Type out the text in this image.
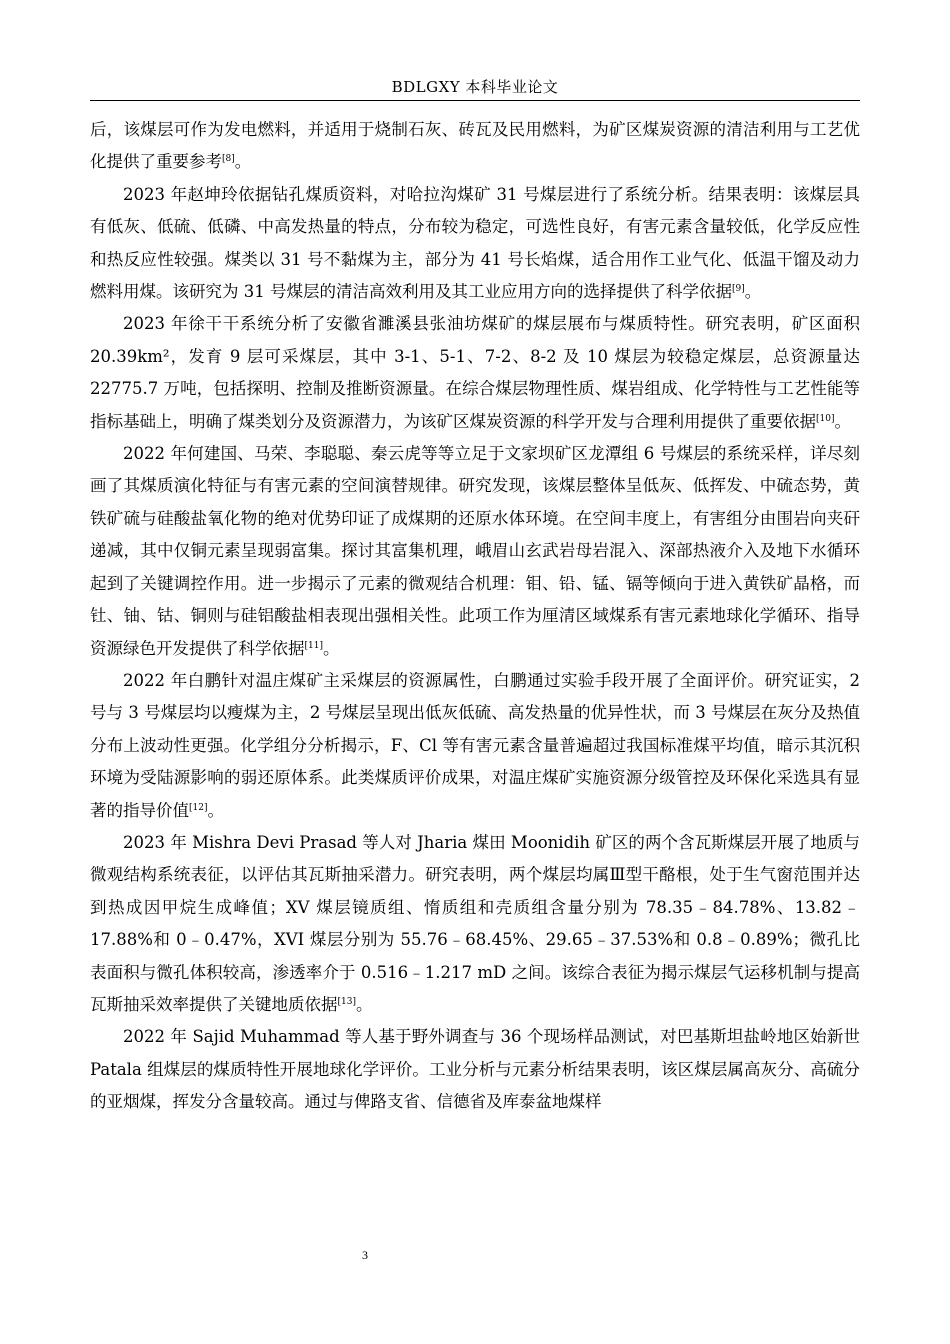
BDLGXY 本科毕业论文

后，该煤层可作为发电燃料，并适用于烧制石灰、砖瓦及民用燃料，为矿区煤炭资源的清洁利用与工艺优化提供了重要参考[8]。

2023 年赵坤玲依据钻孔煤质资料，对哈拉沟煤矿 31 号煤层进行了系统分析。结果表明：该煤层具有低灰、低硫、低磷、中高发热量的特点，分布较为稳定，可选性良好，有害元素含量较低，化学反应性和热反应性较强。煤类以 31 号不黏煤为主，部分为 41 号长焰煤，适合用作工业气化、低温干馏及动力燃料用煤。该研究为 31 号煤层的清洁高效利用及其工业应用方向的选择提供了科学依据[9]。

2023 年徐干干系统分析了安徽省濉溪县张油坊煤矿的煤层展布与煤质特性。研究表明，矿区面积 20.39km²，发育 9 层可采煤层，其中 3-1、5-1、7-2、8-2 及 10 煤层为较稳定煤层，总资源量达 22775.7 万吨，包括探明、控制及推断资源量。在综合煤层物理性质、煤岩组成、化学特性与工艺性能等指标基础上，明确了煤类划分及资源潜力，为该矿区煤炭资源的科学开发与合理利用提供了重要依据[10]。

2022 年何建国、马荣、李聪聪、秦云虎等等立足于文家坝矿区龙潭组 6 号煤层的系统采样，详尽刻画了其煤质演化特征与有害元素的空间演替规律。研究发现，该煤层整体呈低灰、低挥发、中硫态势，黄铁矿硫与硅酸盐氧化物的绝对优势印证了成煤期的还原水体环境。在空间丰度上，有害组分由围岩向夹矸递减，其中仅铜元素呈现弱富集。探讨其富集机理，峨眉山玄武岩母岩混入、深部热液介入及地下水循环起到了关键调控作用。进一步揭示了元素的微观结合机理：钼、铅、锰、镉等倾向于进入黄铁矿晶格，而钍、铀、钴、铜则与硅铝酸盐相表现出强相关性。此项工作为厘清区域煤系有害元素地球化学循环、指导资源绿色开发提供了科学依据[11]。

2022 年白鹏针对温庄煤矿主采煤层的资源属性，白鹏通过实验手段开展了全面评价。研究证实，2 号与 3 号煤层均以瘦煤为主，2 号煤层呈现出低灰低硫、高发热量的优异性状，而 3 号煤层在灰分及热值分布上波动性更强。化学组分分析揭示，F、Cl 等有害元素含量普遍超过我国标准煤平均值，暗示其沉积环境为受陆源影响的弱还原体系。此类煤质评价成果，对温庄煤矿实施资源分级管控及环保化采选具有显著的指导价值[12]。

2023 年 Mishra Devi Prasad 等人对 Jharia 煤田 Moonidih 矿区的两个含瓦斯煤层开展了地质与微观结构系统表征，以评估其瓦斯抽采潜力。研究表明，两个煤层均属Ⅲ型干酪根，处于生气窗范围并达到热成因甲烷生成峰值；XV 煤层镜质组、惰质组和壳质组含量分别为 78.35﹣84.78%、13.82﹣17.88%和 0﹣0.47%，XVI 煤层分别为 55.76﹣68.45%、29.65﹣37.53%和 0.8﹣0.89%；微孔比表面积与微孔体积较高，渗透率介于 0.516﹣1.217 mD 之间。该综合表征为揭示煤层气运移机制与提高瓦斯抽采效率提供了关键地质依据[13]。

2022 年 Sajid Muhammad 等人基于野外调查与 36 个现场样品测试，对巴基斯坦盐岭地区始新世 Patala 组煤层的煤质特性开展地球化学评价。工业分析与元素分析结果表明，该区煤层属高灰分、高硫分的亚烟煤，挥发分含量较高。通过与俾路支省、信德省及库泰盆地煤样

3
